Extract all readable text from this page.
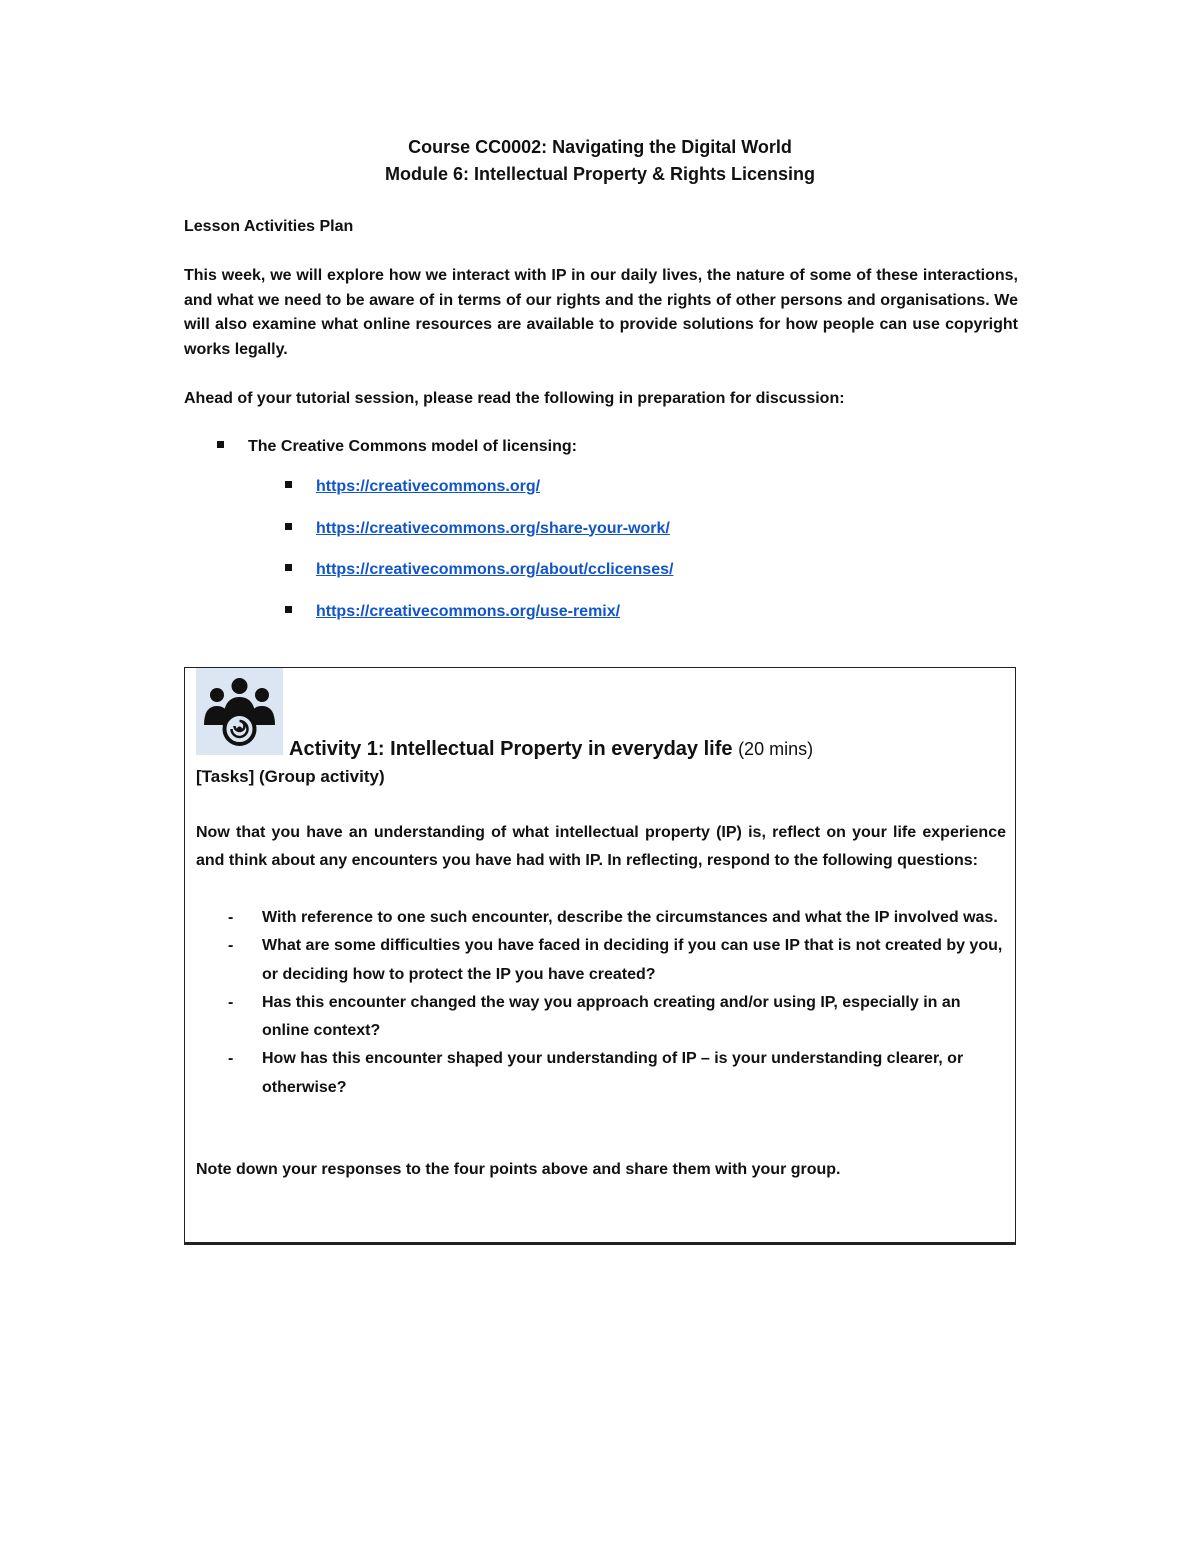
Course CC0002: Navigating the Digital World
Module 6: Intellectual Property & Rights Licensing
Lesson Activities Plan
This week, we will explore how we interact with IP in our daily lives, the nature of some of these interactions, and what we need to be aware of in terms of our rights and the rights of other persons and organisations. We will also examine what online resources are available to provide solutions for how people can use copyright works legally.
Ahead of your tutorial session, please read the following in preparation for discussion:
The Creative Commons model of licensing:
https://creativecommons.org/
https://creativecommons.org/share-your-work/
https://creativecommons.org/about/cclicenses/
https://creativecommons.org/use-remix/
Activity 1: Intellectual Property in everyday life (20 mins)
[Tasks] (Group activity)
Now that you have an understanding of what intellectual property (IP) is, reflect on your life experience and think about any encounters you have had with IP. In reflecting, respond to the following questions:
- With reference to one such encounter, describe the circumstances and what the IP involved was.
- What are some difficulties you have faced in deciding if you can use IP that is not created by you, or deciding how to protect the IP you have created?
- Has this encounter changed the way you approach creating and/or using IP, especially in an online context?
- How has this encounter shaped your understanding of IP – is your understanding clearer, or otherwise?
Note down your responses to the four points above and share them with your group.
